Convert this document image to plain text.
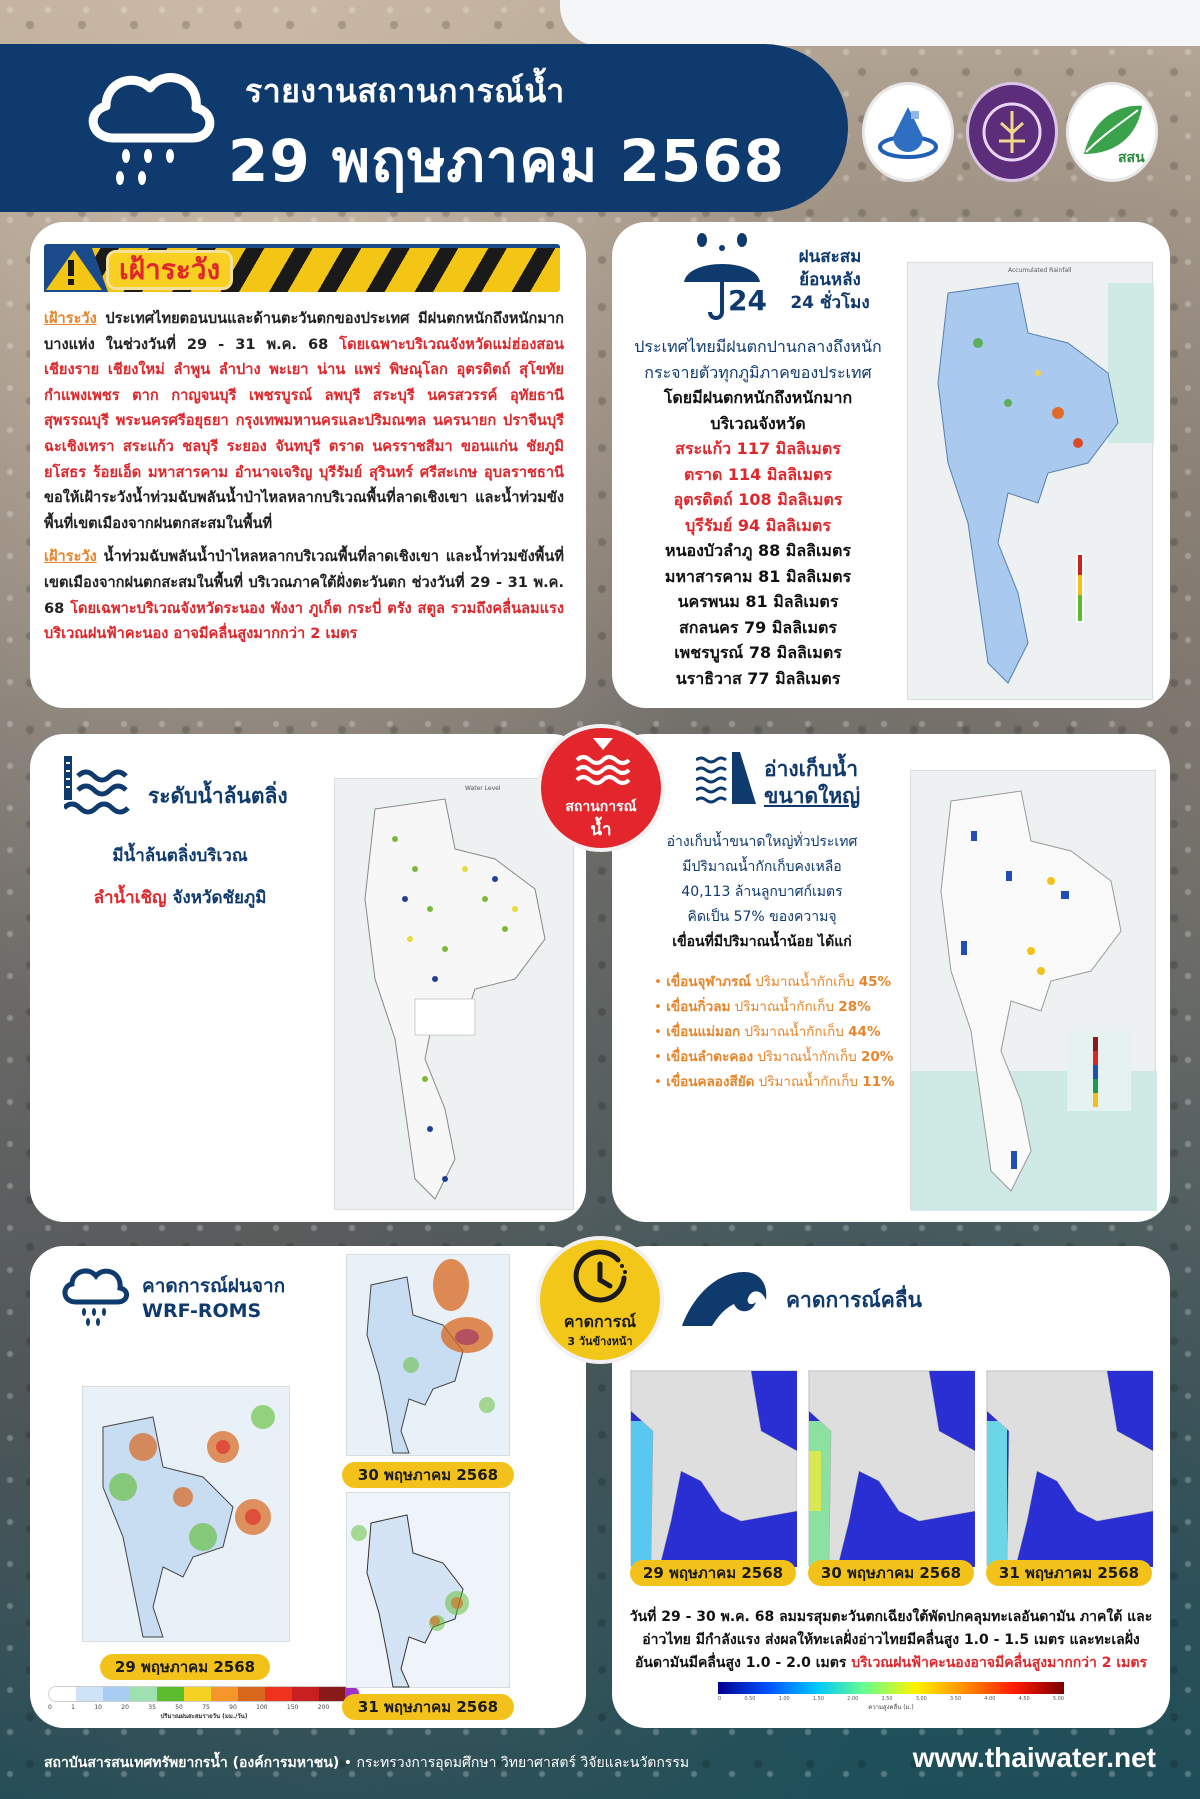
รายงานสถานการณ์น้ำ
29 พฤษภาคม 2568	สสน
เฝ้าระวัง

เฝ้าระวัง ประเทศไทยตอนบนและด้านตะวันตกของประเทศ มีฝนตกหนักถึงหนักมากบางแห่ง ในช่วงวันที่ 29 - 31 พ.ค. 68 โดยเฉพาะบริเวณจังหวัดแม่ฮ่องสอน เชียงราย เชียงใหม่ ลำพูน ลำปาง พะเยา น่าน แพร่ พิษณุโลก อุตรดิตถ์ สุโขทัย กำแพงเพชร ตาก กาญจนบุรี เพชรบูรณ์ ลพบุรี สระบุรี นครสวรรค์ อุทัยธานี สุพรรณบุรี พระนครศรีอยุธยา กรุงเทพมหานครและปริมณฑล นครนายก ปราจีนบุรี ฉะเชิงเทรา สระแก้ว ชลบุรี ระยอง จันทบุรี ตราด นครราชสีมา ขอนแก่น ชัยภูมิ ยโสธร ร้อยเอ็ด มหาสารคาม อำนาจเจริญ บุรีรัมย์ สุรินทร์ ศรีสะเกษ อุบลราชธานี ขอให้เฝ้าระวังน้ำท่วมฉับพลันน้ำป่าไหลหลากบริเวณพื้นที่ลาดเชิงเขา และน้ำท่วมขังพื้นที่เขตเมืองจากฝนตกสะสมในพื้นที่

เฝ้าระวัง น้ำท่วมฉับพลันน้ำป่าไหลหลากบริเวณพื้นที่ลาดเชิงเขา และน้ำท่วมขังพื้นที่เขตเมืองจากฝนตกสะสมในพื้นที่ บริเวณภาคใต้ฝั่งตะวันตก ช่วงวันที่ 29 - 31 พ.ค. 68 โดยเฉพาะบริเวณจังหวัดระนอง พังงา ภูเก็ต กระบี่ ตรัง สตูล รวมถึงคลื่นลมแรงบริเวณฝนฟ้าคะนอง อาจมีคลื่นสูงมากกว่า 2 เมตร

24
ฝนสะสม
ย้อนหลัง
24 ชั่วโมง
ประเทศไทยมีฝนตกปานกลางถึงหนัก
กระจายตัวทุกภูมิภาคของประเทศ
โดยมีฝนตกหนักถึงหนักมาก
บริเวณจังหวัด
สระแก้ว 117 มิลลิเมตร
ตราด 114 มิลลิเมตร
อุตรดิตถ์ 108 มิลลิเมตร
บุรีรัมย์ 94 มิลลิเมตร
หนองบัวลำภู 88 มิลลิเมตร
มหาสารคาม 81 มิลลิเมตร
นครพนม 81 มิลลิเมตร
สกลนคร 79 มิลลิเมตร
เพชรบูรณ์ 78 มิลลิเมตร
นราธิวาส 77 มิลลิเมตร
Accumulated Rainfall
ระดับน้ำล้นตลิ่ง
มีน้ำล้นตลิ่งบริเวณ
ลำน้ำเชิญ จังหวัดชัยภูมิ
Water Level
อ่างเก็บน้ำ
ขนาดใหญ่
อ่างเก็บน้ำขนาดใหญ่ทั่วประเทศ
มีปริมาณน้ำกักเก็บคงเหลือ
40,113 ล้านลูกบาศก์เมตร
คิดเป็น 57% ของความจุ
เขื่อนที่มีปริมาณน้ำน้อย ได้แก่
• เขื่อนจุฬาภรณ์ ปริมาณน้ำกักเก็บ 45%
• เขื่อนกิ่วลม ปริมาณน้ำกักเก็บ 28%
• เขื่อนแม่มอก ปริมาณน้ำกักเก็บ 44%
• เขื่อนลำตะคอง ปริมาณน้ำกักเก็บ 20%
• เขื่อนคลองสียัด ปริมาณน้ำกักเก็บ 11%
สถานการณ์
น้ำ
คาดการณ์ฝนจาก
WRF-ROMS
29 พฤษภาคม 2568
0	1	10	20	35	50	75	90	100	150	200
ปริมาณฝนสะสมรายวัน (มม./วัน)
30 พฤษภาคม 2568
31 พฤษภาคม 2568
คาดการณ์คลื่น
29 พฤษภาคม 2568	30 พฤษภาคม 2568	31 พฤษภาคม 2568
วันที่ 29 - 30 พ.ค. 68 ลมมรสุมตะวันตกเฉียงใต้พัดปกคลุมทะเลอันดามัน ภาคใต้ และอ่าวไทย มีกำลังแรง ส่งผลให้ทะเลฝั่งอ่าวไทยมีคลื่นสูง 1.0 - 1.5 เมตร และทะเลฝั่งอันดามันมีคลื่นสูง 1.0 - 2.0 เมตร บริเวณฝนฟ้าคะนองอาจมีคลื่นสูงมากกว่า 2 เมตร
0	0.50	1.00	1.50	2.00	2.50	3.00	3.50	4.00	4.50	5.00
ความสูงคลื่น (ม.)
คาดการณ์
3 วันข้างหน้า
สถาบันสารสนเทศทรัพยากรน้ำ (องค์การมหาชน) • กระทรวงการอุดมศึกษา วิทยาศาสตร์ วิจัยและนวัตกรรม	www.thaiwater.net
